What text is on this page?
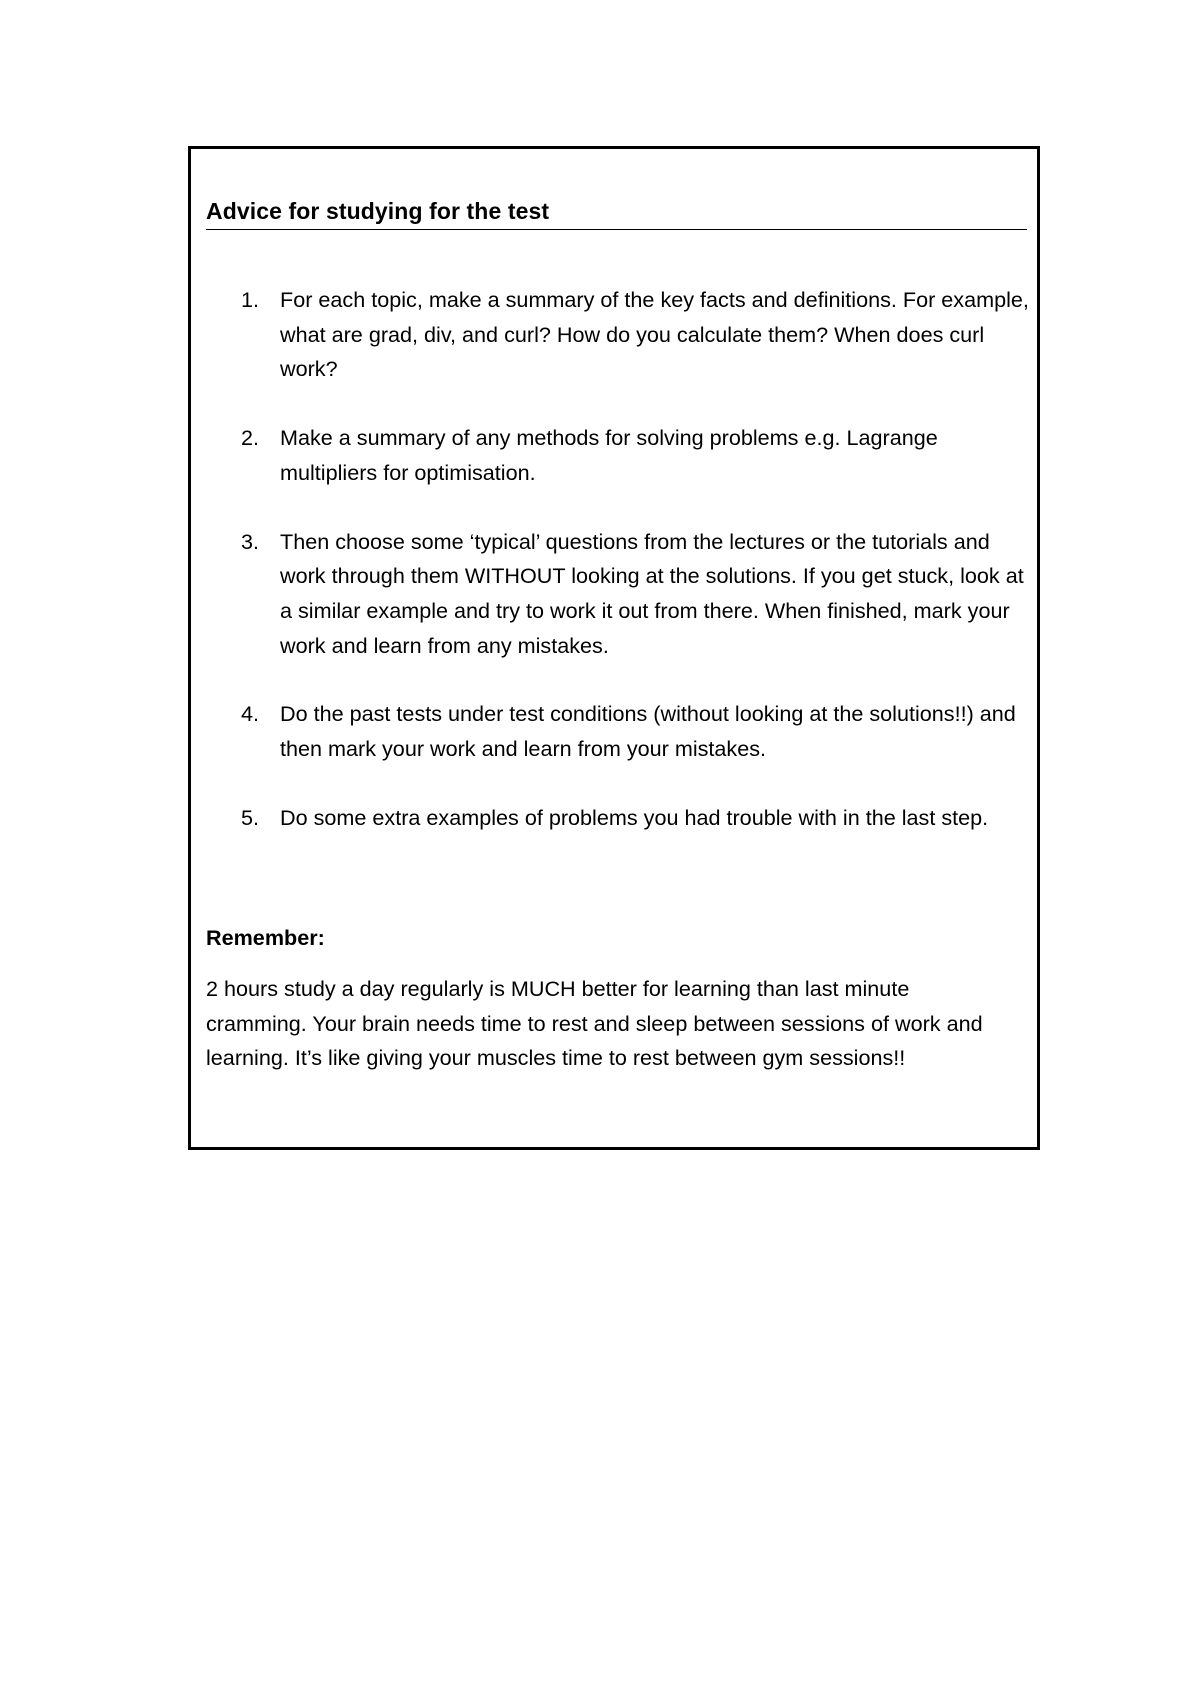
Advice for studying for the test
1. For each topic, make a summary of the key facts and definitions. For example, what are grad, div, and curl? How do you calculate them? When does curl work?
2. Make a summary of any methods for solving problems e.g. Lagrange multipliers for optimisation.
3. Then choose some ‘typical’ questions from the lectures or the tutorials and work through them WITHOUT looking at the solutions. If you get stuck, look at a similar example and try to work it out from there. When finished, mark your work and learn from any mistakes.
4. Do the past tests under test conditions (without looking at the solutions!!) and then mark your work and learn from your mistakes.
5. Do some extra examples of problems you had trouble with in the last step.
Remember:
2 hours study a day regularly is MUCH better for learning than last minute cramming. Your brain needs time to rest and sleep between sessions of work and learning. It’s like giving your muscles time to rest between gym sessions!!
